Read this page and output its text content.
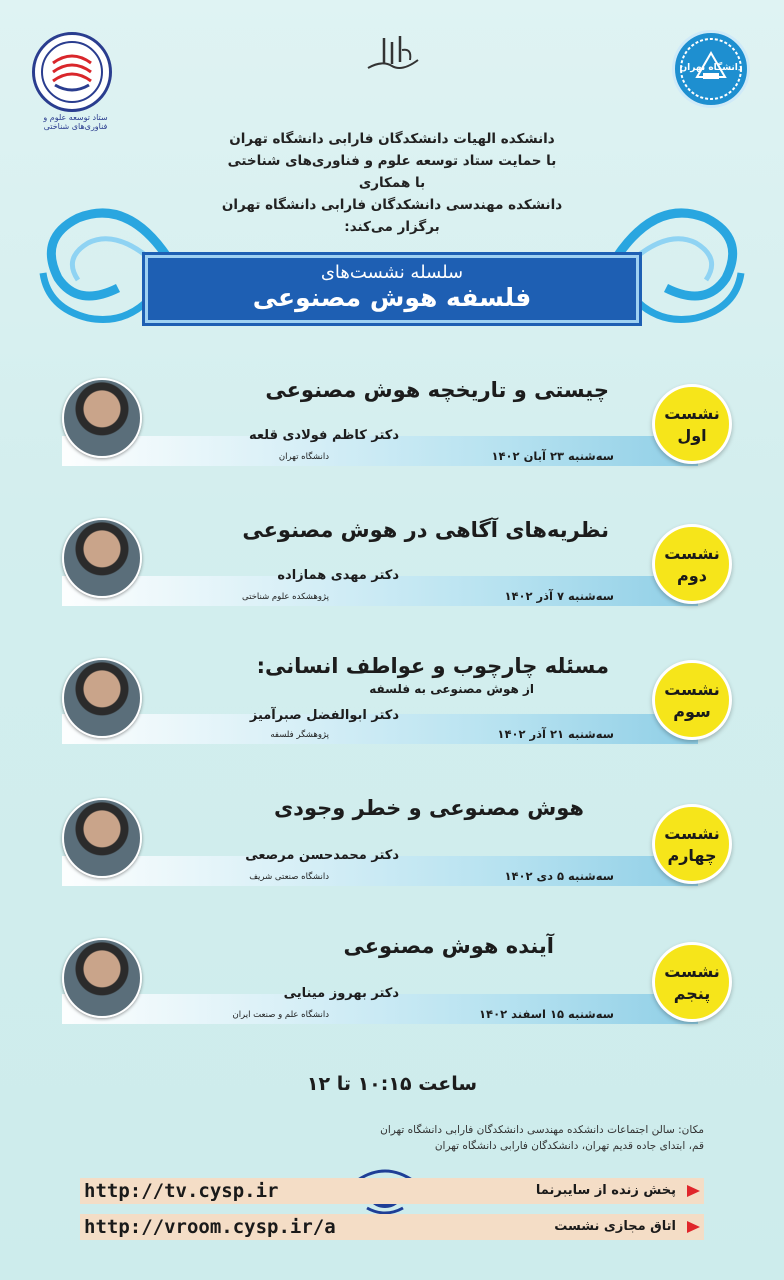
ستاد توسعه علوم و فناوری‌های شناختی
دانشگاه تهران
دانشکده الهیات دانشکدگان فارابی دانشگاه تهران
با حمایت ستاد توسعه علوم و فناوری‌های شناختی
با همکاری
دانشکده مهندسی دانشکدگان فارابی دانشگاه تهران
برگزار می‌کند:
سلسله نشست‌های
فلسفه هوش مصنوعی
نشست
اول
چیستی و تاریخچه هوش مصنوعی
دکتر کاظم فولادی قلعه
دانشگاه تهران	سه‌شنبه ۲۳ آبان ۱۴۰۲
نشست
دوم
نظریه‌های آگاهی در هوش مصنوعی
دکتر مهدی همازاده
پژوهشکده علوم شناختی	سه‌شنبه ۷ آذر ۱۴۰۲
نشست
سوم
مسئله چارچوب و عواطف انسانی:
از هوش مصنوعی به فلسفه
دکتر ابوالفضل صبرآمیز
پژوهشگر فلسفه	سه‌شنبه ۲۱ آذر ۱۴۰۲
نشست
چهارم
هوش مصنوعی و خطر وجودی
دکتر محمدحسن مرصعی
دانشگاه صنعتی شریف	سه‌شنبه ۵ دی ۱۴۰۲
نشست
پنجم
آینده هوش مصنوعی
دکتر بهروز مینایی
دانشگاه علم و صنعت ایران	سه‌شنبه ۱۵ اسفند ۱۴۰۲
ساعت ۱۰:۱۵ تا ۱۲
مکان: سالن اجتماعات دانشکده مهندسی دانشکدگان فارابی دانشگاه تهران
قم، ابتدای جاده قدیم تهران، دانشکدگان فارابی دانشگاه تهران
پخش زنده از سایبرنما
http://tv.cysp.ir
اتاق مجازی نشست
http://vroom.cysp.ir/a
